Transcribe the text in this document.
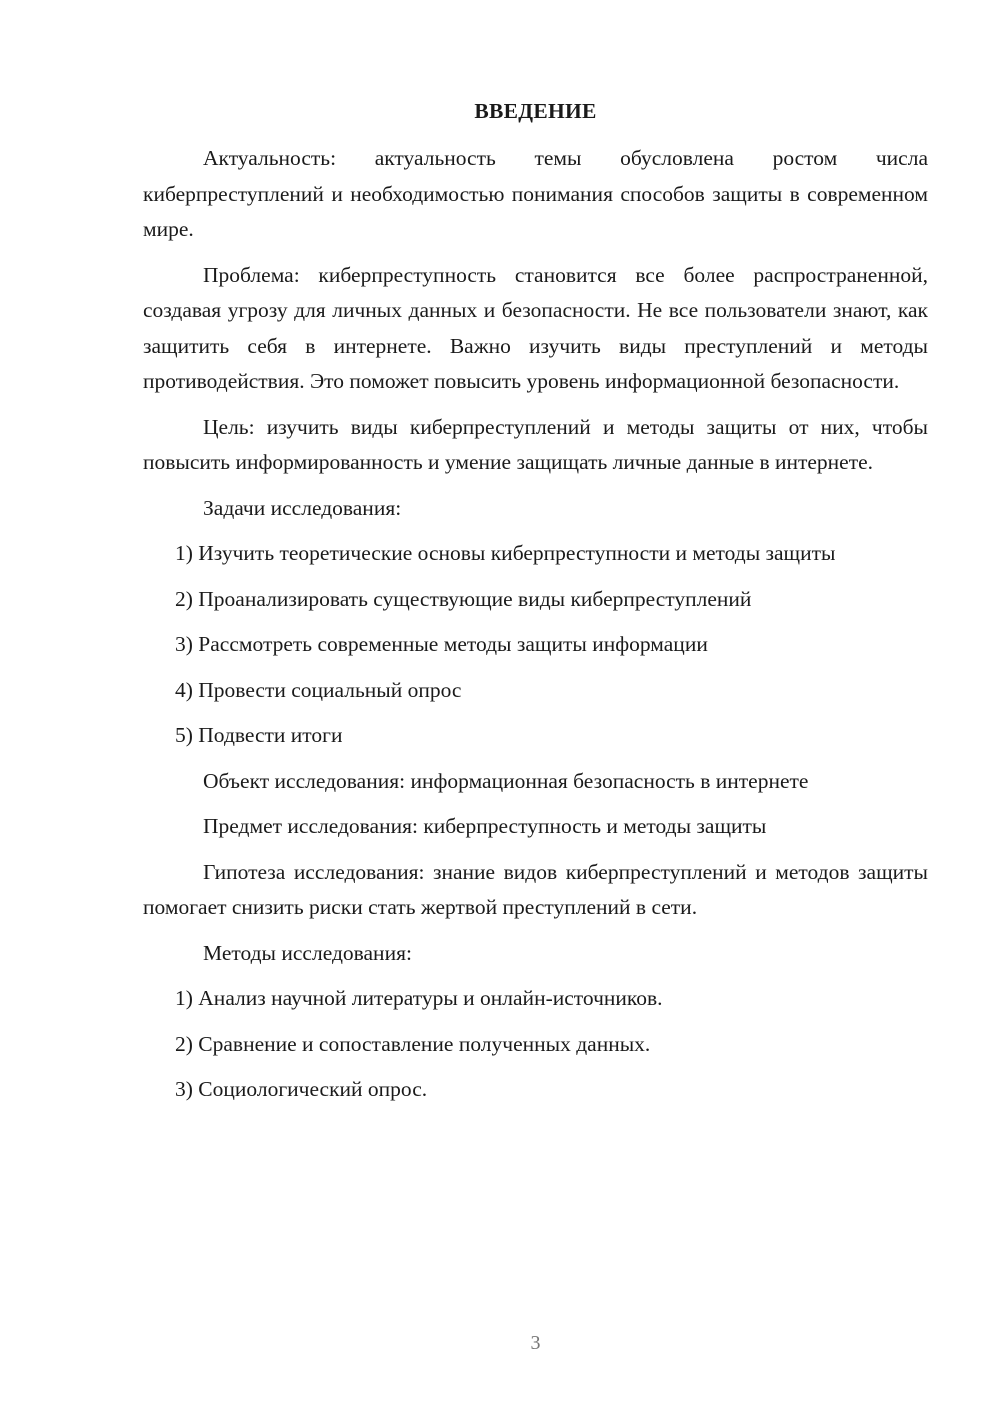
ВВЕДЕНИЕ

Актуальность: актуальность темы обусловлена ростом числа киберпреступлений и необходимостью понимания способов защиты в современном мире.

Проблема: киберпреступность становится все более распространенной, создавая угрозу для личных данных и безопасности. Не все пользователи знают, как защитить себя в интернете. Важно изучить виды преступлений и методы противодействия. Это поможет повысить уровень информационной безопасности.

Цель: изучить виды киберпреступлений и методы защиты от них, чтобы повысить информированность и умение защищать личные данные в интернете.

Задачи исследования:

1) Изучить теоретические основы киберпреступности и методы защиты

2) Проанализировать существующие виды киберпреступлений

3) Рассмотреть современные методы защиты информации

4) Провести социальный опрос

5) Подвести итоги

Объект исследования: информационная безопасность в интернете

Предмет исследования: киберпреступность и методы защиты

Гипотеза исследования: знание видов киберпреступлений и методов защиты помогает снизить риски стать жертвой преступлений в сети.

Методы исследования:

1) Анализ научной литературы и онлайн-источников.

2) Сравнение и сопоставление полученных данных.

3) Социологический опрос.

3
